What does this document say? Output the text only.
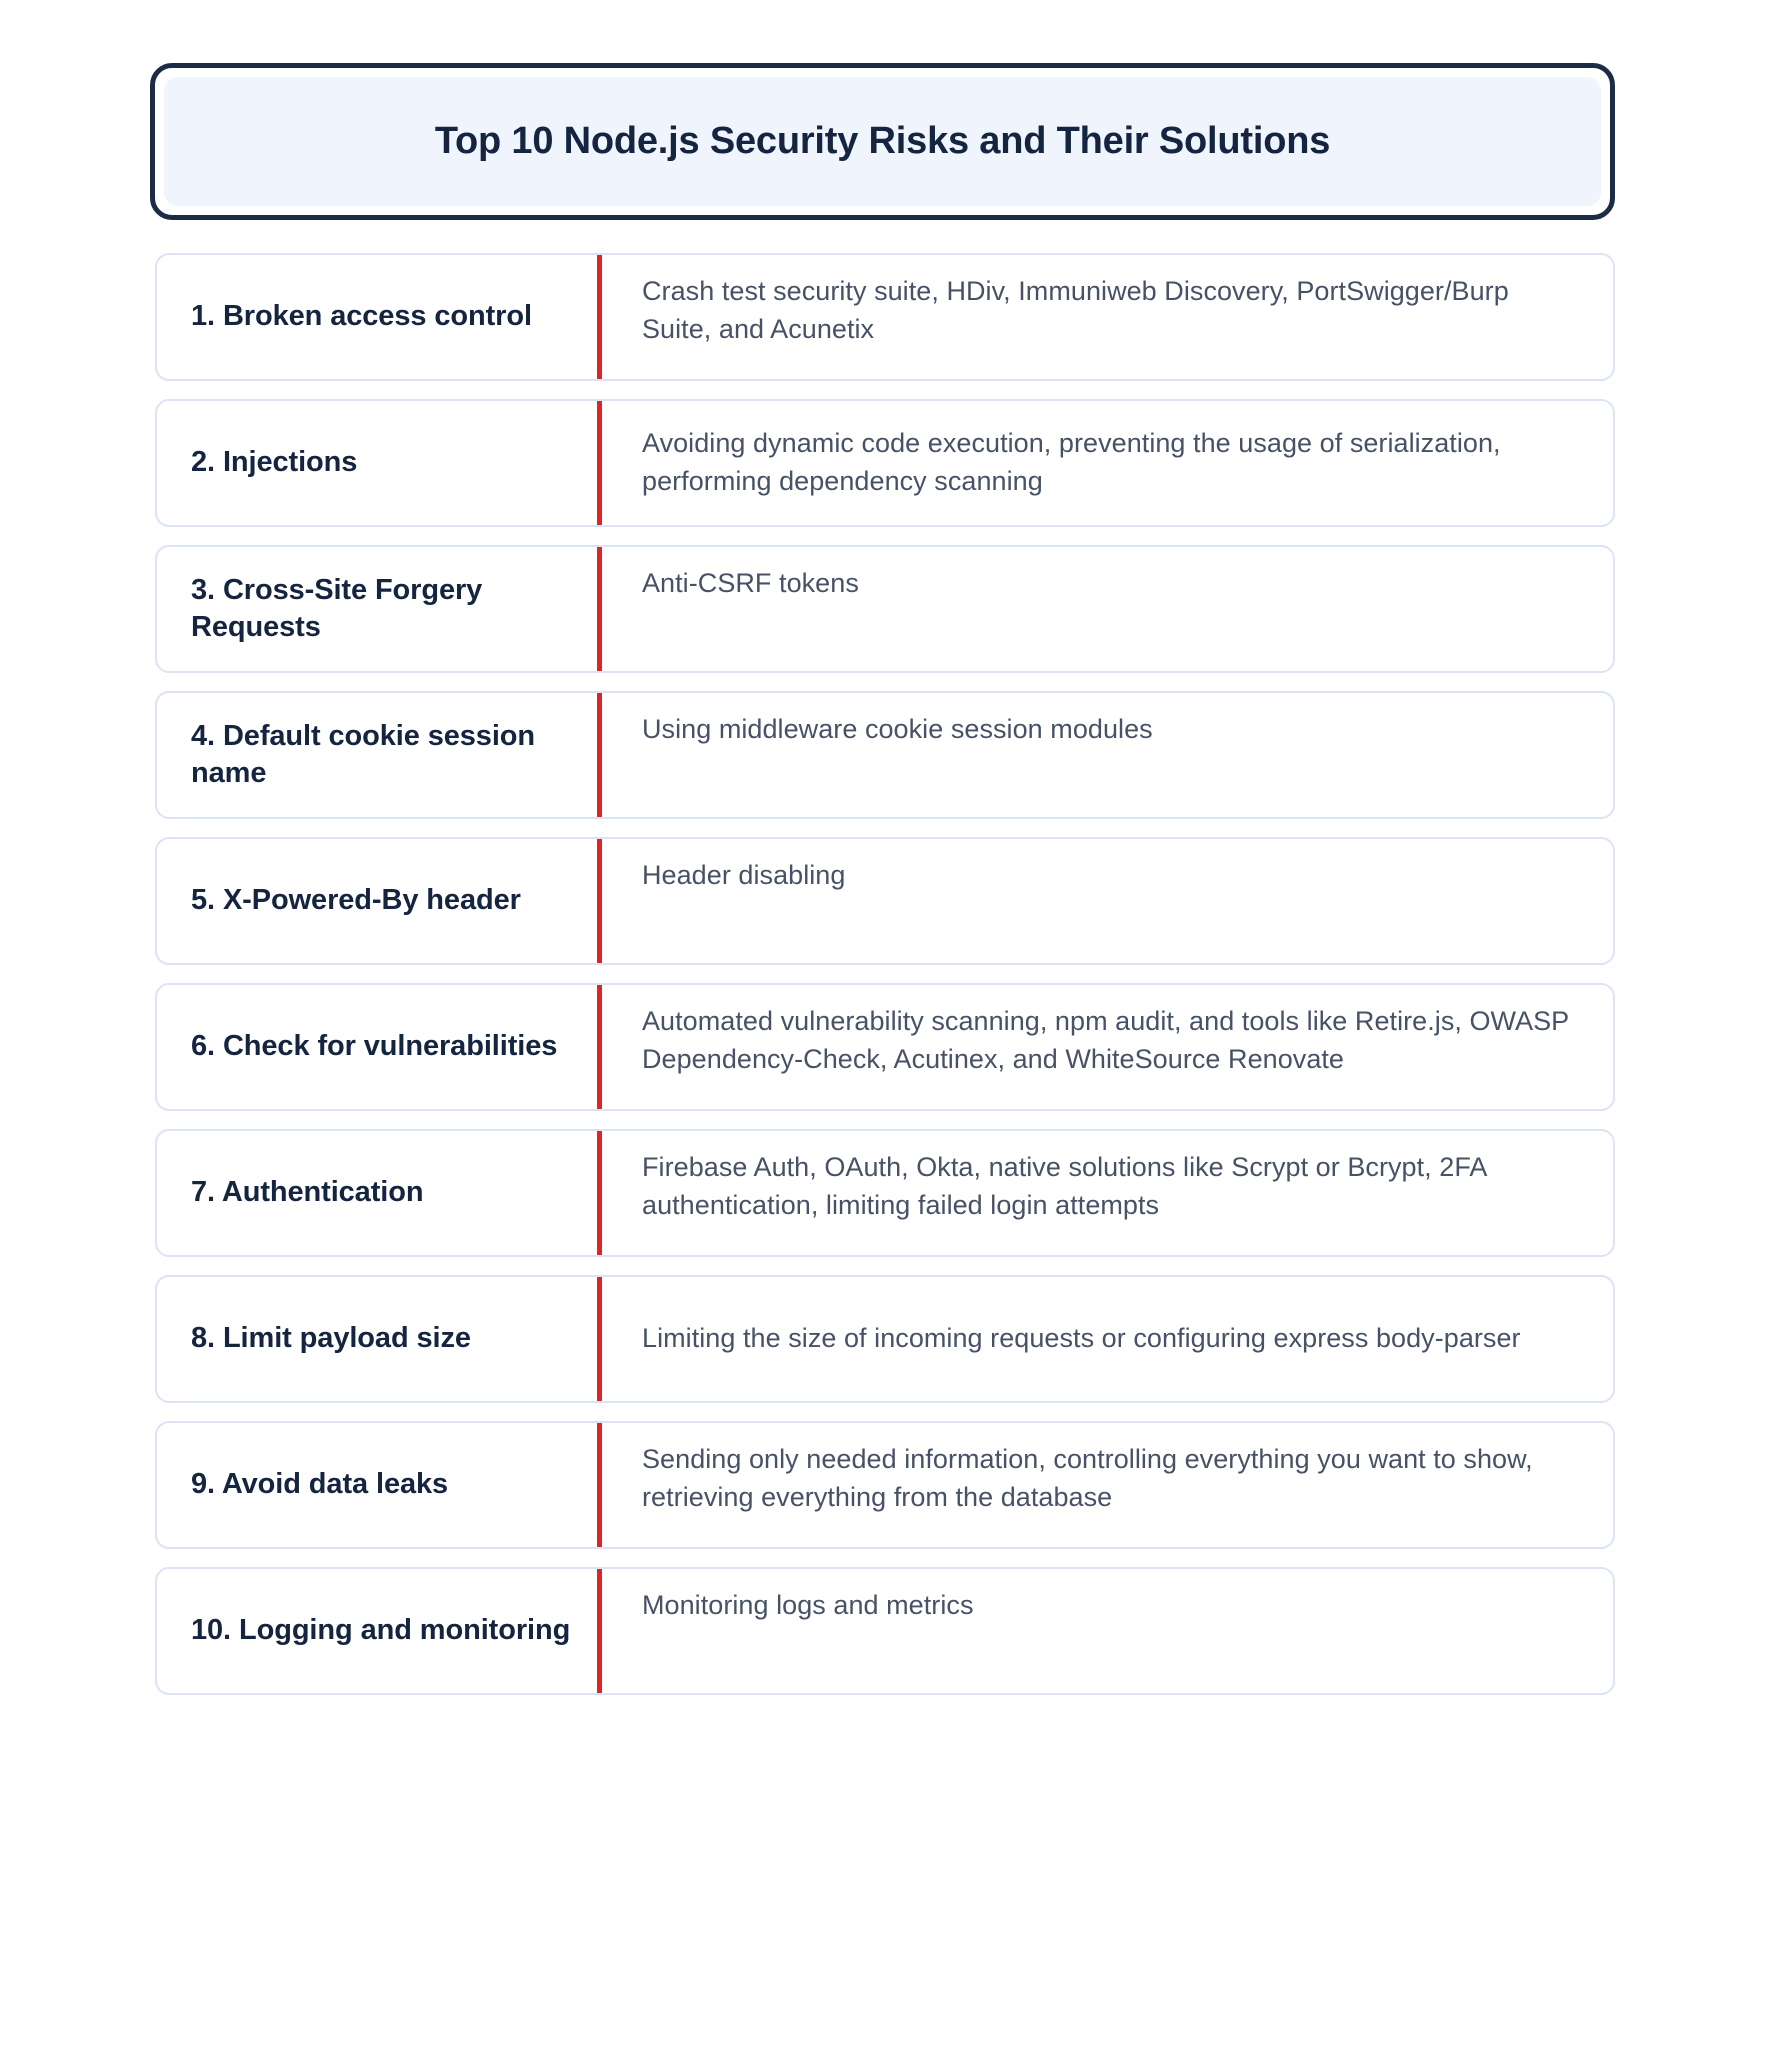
Top 10 Node.js Security Risks and Their Solutions
1. Broken access control
Crash test security suite, HDiv, Immuniweb Discovery, PortSwigger/Burp Suite, and Acunetix
2. Injections
Avoiding dynamic code execution, preventing the usage of serialization, performing dependency scanning
3. Cross-Site Forgery Requests
Anti-CSRF tokens
4. Default cookie session name
Using middleware cookie session modules
5. X-Powered-By header
Header disabling
6. Check for vulnerabilities
Automated vulnerability scanning, npm audit, and tools like Retire.js, OWASP Dependency-Check, Acutinex, and WhiteSource Renovate
7. Authentication
Firebase Auth, OAuth, Okta, native solutions like Scrypt or Bcrypt, 2FA authentication, limiting failed login attempts
8. Limit payload size	Limiting the size of incoming requests or configuring express body-parser
9. Avoid data leaks
Sending only needed information, controlling everything you want to show, retrieving everything from the database
10. Logging and monitoring
Monitoring logs and metrics
